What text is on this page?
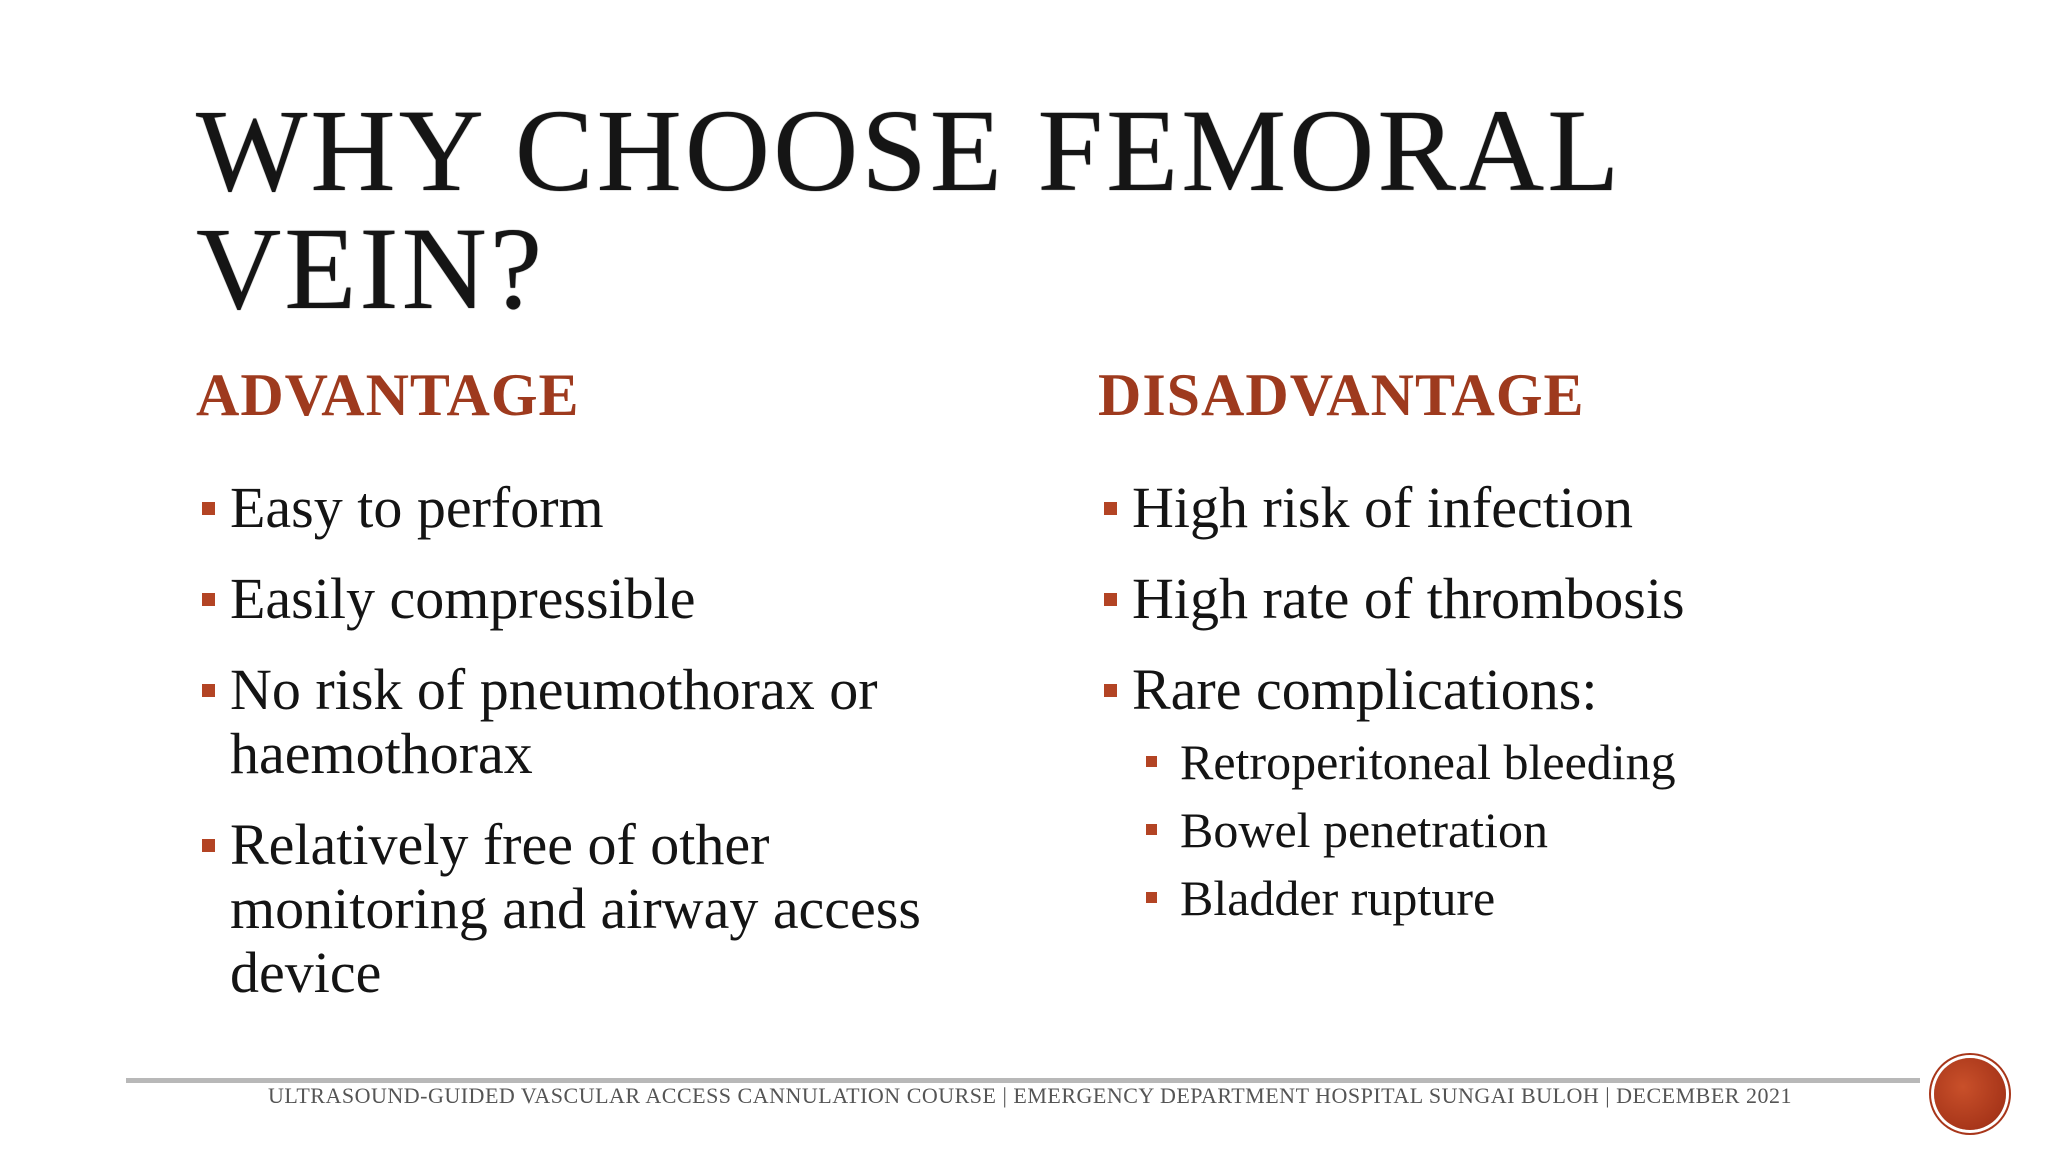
WHY CHOOSE FEMORAL
VEIN?
ADVANTAGE
Easy to perform
Easily compressible
No risk of pneumothorax or haemothorax
Relatively free of other monitoring and airway access device
DISADVANTAGE
High risk of infection
High rate of thrombosis
Rare complications:
Retroperitoneal bleeding
Bowel penetration
Bladder rupture
ULTRASOUND-GUIDED VASCULAR ACCESS CANNULATION COURSE | EMERGENCY DEPARTMENT HOSPITAL SUNGAI BULOH | DECEMBER 2021
